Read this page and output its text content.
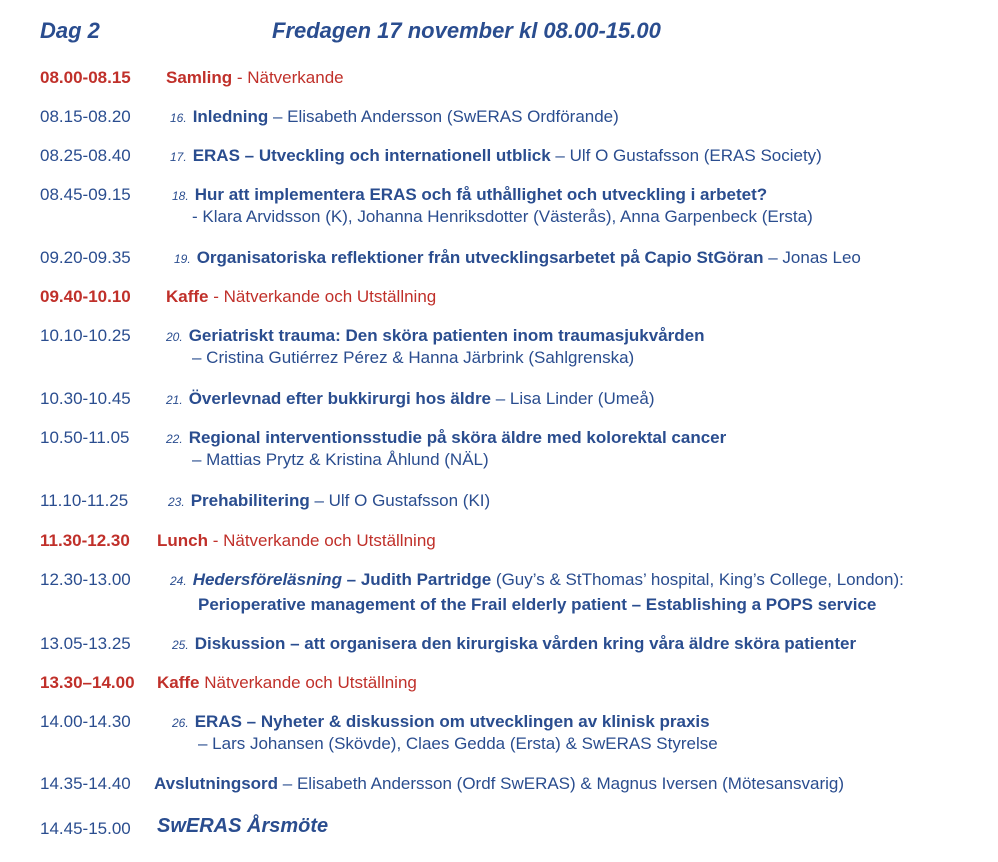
Dag 2	Fredagen 17 november kl 08.00-15.00
08.00-08.15 Samling - Nätverkande
08.15-08.20	16. Inledning – Elisabeth Andersson (SwERAS Ordförande)
08.25-08.40	17. ERAS – Utveckling och internationell utblick – Ulf O Gustafsson (ERAS Society)
08.45-09.15	18. Hur att implementera ERAS och få uthållighet och utveckling i arbetet?
- Klara Arvidsson (K), Johanna Henriksdotter (Västerås), Anna Garpenbeck (Ersta)
09.20-09.35	19. Organisatoriska reflektioner från utvecklingsarbetet på Capio StGöran – Jonas Leo
09.40-10.10 Kaffe - Nätverkande och Utställning
10.10-10.25	20. Geriatriskt trauma: Den sköra patienten inom traumasjukvården
– Cristina Gutiérrez Pérez & Hanna Järbrink (Sahlgrenska)
10.30-10.45	21. Överlevnad efter bukkirurgi hos äldre – Lisa Linder (Umeå)
10.50-11.05	22. Regional interventionsstudie på sköra äldre med kolorektal cancer
– Mattias Prytz & Kristina Åhlund (NÄL)
11.10-11.25	23. Prehabilitering – Ulf O Gustafsson (KI)
11.30-12.30 Lunch - Nätverkande och Utställning
12.30-13.00	24. Hedersföreläsning – Judith Partridge (Guy’s & StThomas’ hospital, King’s College, London):
Perioperative management of the Frail elderly patient – Establishing a POPS service
13.05-13.25	25. Diskussion – att organisera den kirurgiska vården kring våra äldre sköra patienter
13.30–14.00 Kaffe Nätverkande och Utställning
14.00-14.30	26. ERAS – Nyheter & diskussion om utvecklingen av klinisk praxis
– Lars Johansen (Skövde), Claes Gedda (Ersta) & SwERAS Styrelse
14.35-14.40 Avslutningsord – Elisabeth Andersson (Ordf SwERAS) & Magnus Iversen (Mötesansvarig)
14.45-15.00 SwERAS Årsmöte
